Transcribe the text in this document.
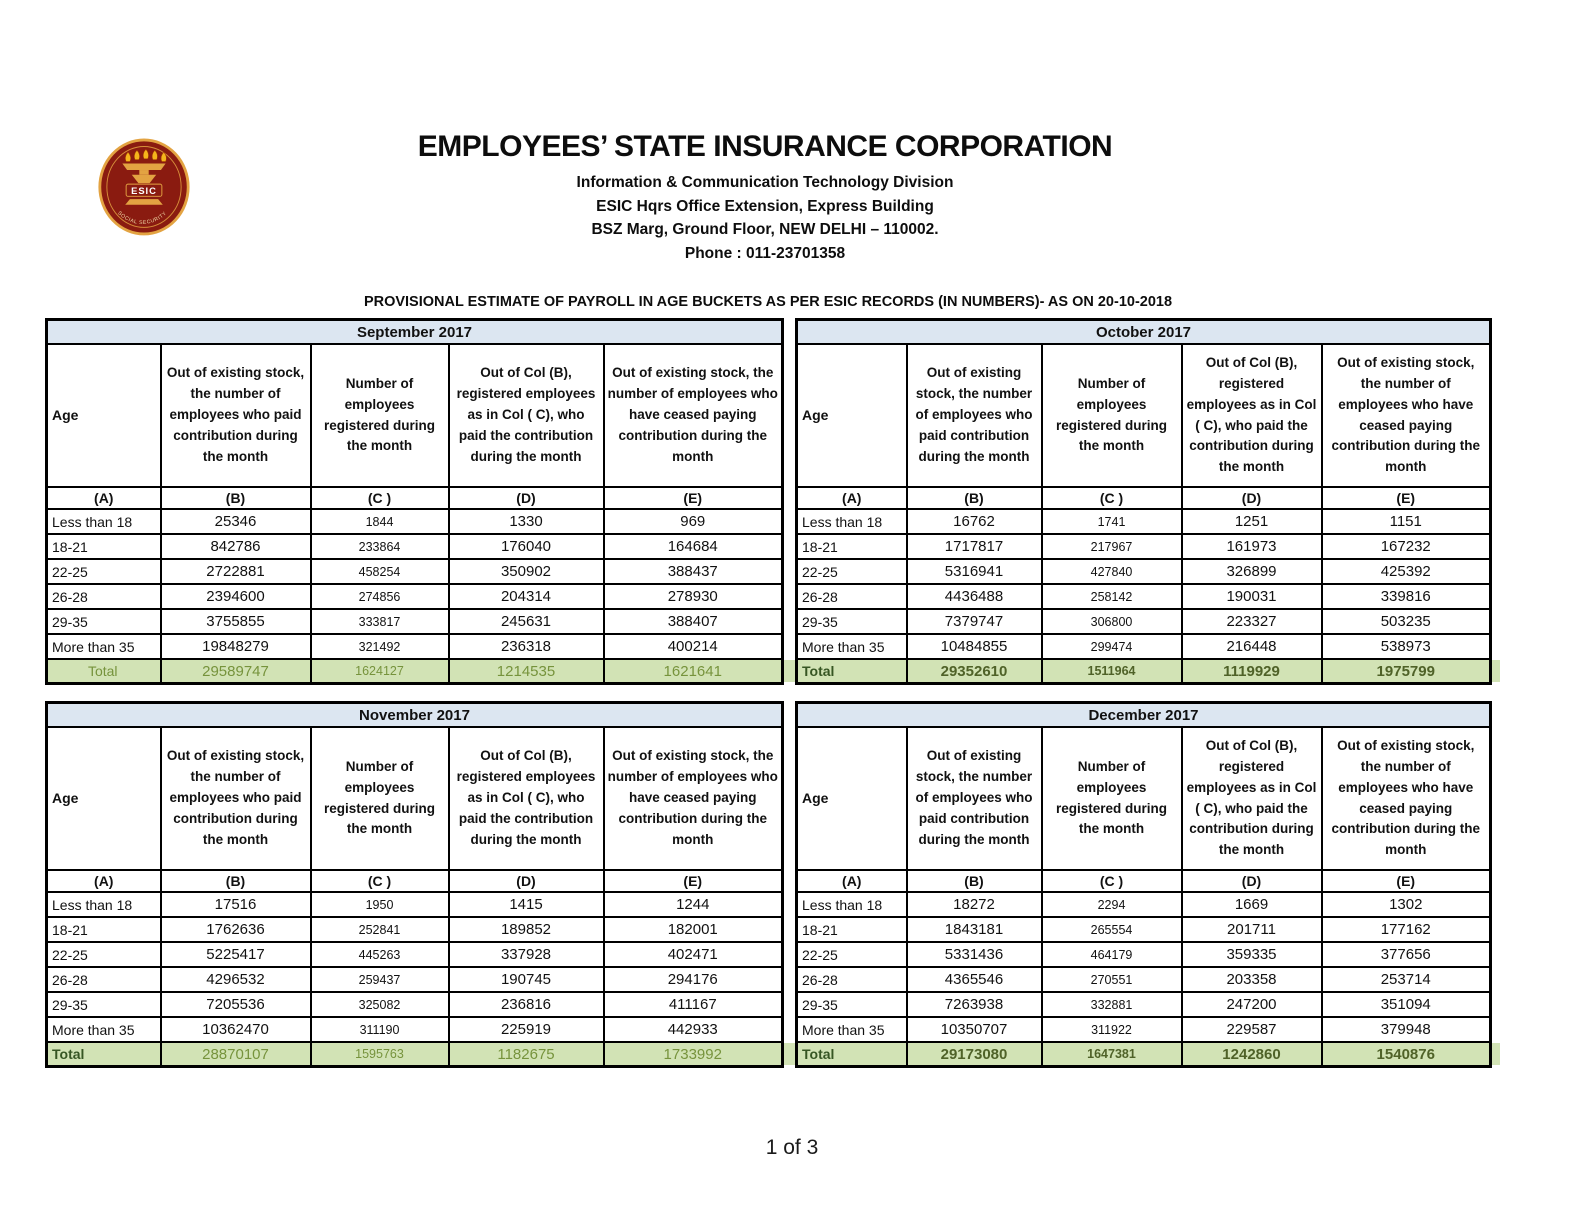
ESIC
SOCIAL SECURITY
EMPLOYEES’ STATE INSURANCE CORPORATION
Information & Communication Technology Division
ESIC Hqrs Office Extension, Express Building
BSZ Marg, Ground Floor, NEW DELHI – 110002.
Phone : 011-23701358
PROVISIONAL ESTIMATE OF PAYROLL IN AGE BUCKETS AS PER ESIC RECORDS (IN NUMBERS)- AS ON 20-10-2018
September 2017				
Age	Out of existing stock, the number of employees who paid contribution during the month	Number of employees registered during the month	Out of Col (B), registered employees as in Col ( C), who paid the contribution during the month	Out of existing stock, the number of employees who have ceased paying contribution during the month
(A)	(B)	(C )	(D)	(E)
Less than 18	25346	1844	1330	969
18-21	842786	233864	176040	164684
22-25	2722881	458254	350902	388437
26-28	2394600	274856	204314	278930
29-35	3755855	333817	245631	388407
More than 35	19848279	321492	236318	400214
Total	29589747	1624127	1214535	1621641
October 2017				
Age	Out of existing stock, the number of employees who paid contribution during the month	Number of employees registered during the month	Out of Col (B), registered employees as in Col ( C), who paid the contribution during the month	Out of existing stock, the number of employees who have ceased paying contribution during the month
(A)	(B)	(C )	(D)	(E)
Less than 18	16762	1741	1251	1151
18-21	1717817	217967	161973	167232
22-25	5316941	427840	326899	425392
26-28	4436488	258142	190031	339816
29-35	7379747	306800	223327	503235
More than 35	10484855	299474	216448	538973
Total	29352610	1511964	1119929	1975799
November 2017				
Age	Out of existing stock, the number of employees who paid contribution during the month	Number of employees registered during the month	Out of Col (B), registered employees as in Col ( C), who paid the contribution during the month	Out of existing stock, the number of employees who have ceased paying contribution during the month
(A)	(B)	(C )	(D)	(E)
Less than 18	17516	1950	1415	1244
18-21	1762636	252841	189852	182001
22-25	5225417	445263	337928	402471
26-28	4296532	259437	190745	294176
29-35	7205536	325082	236816	411167
More than 35	10362470	311190	225919	442933
Total	28870107	1595763	1182675	1733992
December 2017				
Age	Out of existing stock, the number of employees who paid contribution during the month	Number of employees registered during the month	Out of Col (B), registered employees as in Col ( C), who paid the contribution during the month	Out of existing stock, the number of employees who have ceased paying contribution during the month
(A)	(B)	(C )	(D)	(E)
Less than 18	18272	2294	1669	1302
18-21	1843181	265554	201711	177162
22-25	5331436	464179	359335	377656
26-28	4365546	270551	203358	253714
29-35	7263938	332881	247200	351094
More than 35	10350707	311922	229587	379948
Total	29173080	1647381	1242860	1540876
1 of 3
